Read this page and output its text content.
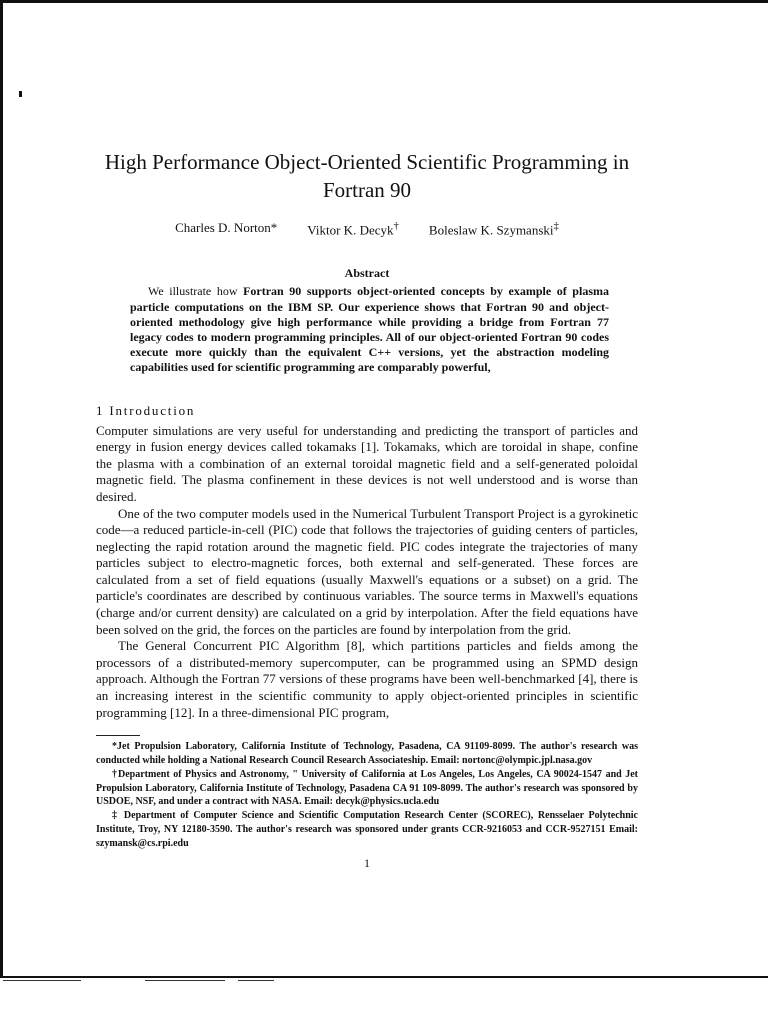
High Performance Object-Oriented Scientific Programming in Fortran 90
Charles D. Norton* Viktor K. Decyk† Boleslaw K. Szymanski‡
Abstract

We illustrate how Fortran 90 supports object-oriented concepts by example of plasma particle computations on the IBM SP. Our experience shows that Fortran 90 and object-oriented methodology give high performance while providing a bridge from Fortran 77 legacy codes to modern programming principles. All of our object-oriented Fortran 90 codes execute more quickly than the equivalent C++ versions, yet the abstraction modeling capabilities used for scientific programming are comparably powerful,

1 Introduction

Computer simulations are very useful for understanding and predicting the transport of particles and energy in fusion energy devices called tokamaks [1]. Tokamaks, which are toroidal in shape, confine the plasma with a combination of an external toroidal magnetic field and a self-generated poloidal magnetic field. The plasma confinement in these devices is not well understood and is worse than desired.

One of the two computer models used in the Numerical Turbulent Transport Project is a gyrokinetic code—a reduced particle-in-cell (PIC) code that follows the trajectories of guiding centers of particles, neglecting the rapid rotation around the magnetic field. PIC codes integrate the trajectories of many particles subject to electro-magnetic forces, both external and self-generated. These forces are calculated from a set of field equations (usually Maxwell's equations or a subset) on a grid. The particle's coordinates are described by continuous variables. The source terms in Maxwell's equations (charge and/or current density) are calculated on a grid by interpolation. After the field equations have been solved on the grid, the forces on the particles are found by interpolation from the grid.

The General Concurrent PIC Algorithm [8], which partitions particles and fields among the processors of a distributed-memory supercomputer, can be programmed using an SPMD design approach. Although the Fortran 77 versions of these programs have been well-benchmarked [4], there is an increasing interest in the scientific community to apply object-oriented principles in scientific programming [12]. In a three-dimensional PIC program,

*Jet Propulsion Laboratory, California Institute of Technology, Pasadena, CA 91109-8099. The author's research was conducted while holding a National Research Council Research Associateship. Email: nortonc@olympic.jpl.nasa.gov

†Department of Physics and Astronomy, " University of California at Los Angeles, Los Angeles, CA 90024-1547 and Jet Propulsion Laboratory, California Institute of Technology, Pasadena CA 91 109-8099. The author's research was sponsored by USDOE, NSF, and under a contract with NASA. Email: decyk@physics.ucla.edu

‡ Department of Computer Science and Scientific Computation Research Center (SCOREC), Rensselaer Polytechnic Institute, Troy, NY 12180-3590. The author's research was sponsored under grants CCR-9216053 and CCR-9527151 Email: szymansk@cs.rpi.edu

1
